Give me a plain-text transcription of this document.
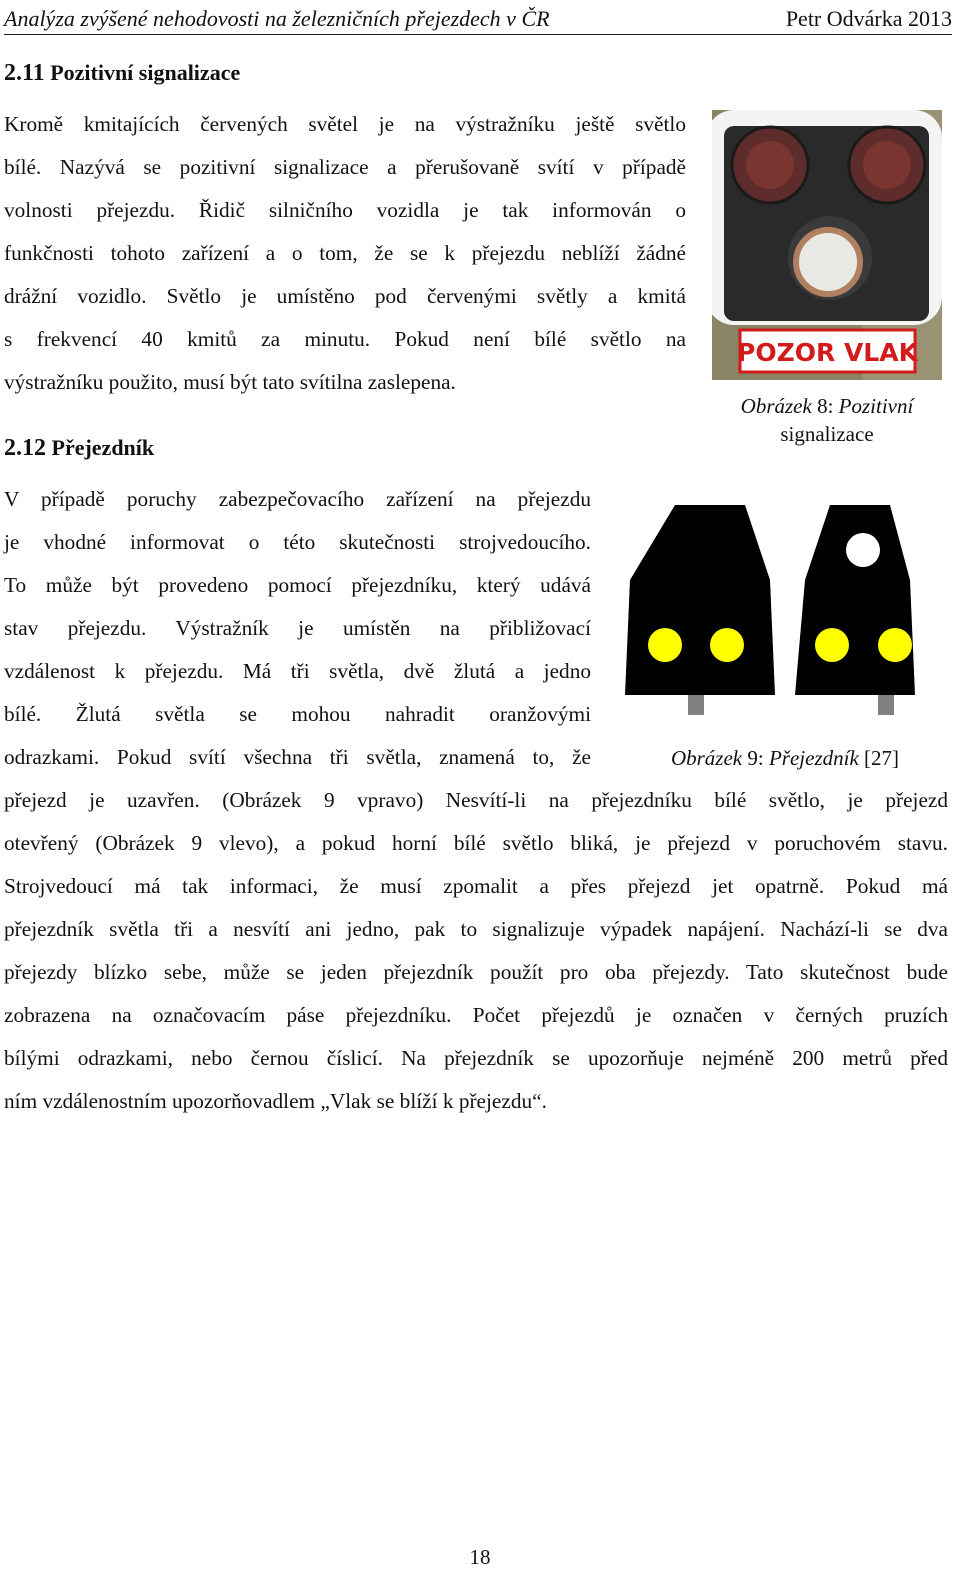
Analýza zvýšené nehodovosti na železničních přejezdech v ČR	Petr Odvárka 2013
2.11 Pozitivní signalizace
Kromě kmitajících červených světel je na výstražníku ještě světlo
bílé. Nazývá se pozitivní signalizace a přerušovaně svítí v případě
volnosti přejezdu. Řidič silničního vozidla je tak informován o
funkčnosti tohoto zařízení a o tom, že se k přejezdu neblíží žádné
drážní vozidlo. Světlo je umístěno pod červenými světly a kmitá
s frekvencí 40 kmitů za minutu. Pokud není bílé světlo na
výstražníku použito, musí být tato svítilna zaslepena.
POZOR VLAK
Obrázek 8: Pozitivní
signalizace
2.12 Přejezdník
V případě poruchy zabezpečovacího zařízení na přejezdu
je vhodné informovat o této skutečnosti strojvedoucího.
To může být provedeno pomocí přejezdníku, který udává
stav přejezdu. Výstražník je umístěn na přibližovací
vzdálenost k přejezdu. Má tři světla, dvě žlutá a jedno
bílé. Žlutá světla se mohou nahradit oranžovými
odrazkami. Pokud svítí všechna tři světla, znamená to, že	Obrázek 9: Přejezdník [27]
přejezd je uzavřen. (Obrázek 9 vpravo) Nesvítí-li na přejezdníku bílé světlo, je přejezd
otevřený (Obrázek 9 vlevo), a pokud horní bílé světlo bliká, je přejezd v poruchovém stavu.
Strojvedoucí má tak informaci, že musí zpomalit a přes přejezd jet opatrně. Pokud má
přejezdník světla tři a nesvítí ani jedno, pak to signalizuje výpadek napájení. Nachází-li se dva
přejezdy blízko sebe, může se jeden přejezdník použít pro oba přejezdy. Tato skutečnost bude
zobrazena na označovacím páse přejezdníku. Počet přejezdů je označen v černých pruzích
bílými odrazkami, nebo černou číslicí. Na přejezdník se upozorňuje nejméně 200 metrů před
ním vzdálenostním upozorňovadlem „Vlak se blíží k přejezdu“.
18
